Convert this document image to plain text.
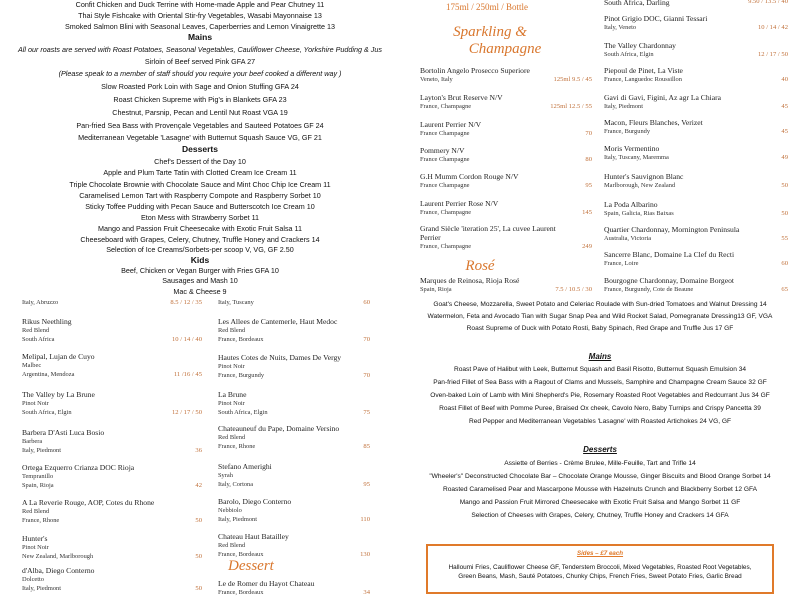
Confit Chicken and Duck Terrine with Home-made Apple and Pear Chutney 11
Thai Style Fishcake with Oriental Stir-fry Vegetables, Wasabi Mayonnaise 13
Smoked Salmon Blini with Seasonal Leaves, Caperberries and Lemon Vinaigrette 13
Mains
All our roasts are served with Roast Potatoes, Seasonal Vegetables, Cauliflower Cheese, Yorkshire Pudding & Jus
Sirloin of Beef served Pink GFA 27
(Please speak to a member of staff should you require your beef cooked a different way )
Slow Roasted Pork Loin with Sage and Onion Stuffing GFA 24
Roast Chicken Supreme with Pig's in Blankets GFA 23
Chestnut, Parsnip, Pecan and Lentil Nut Roast VGA 19
Pan-fried Sea Bass with Provençale Vegetables and Sauteed Potatoes GF 24
Mediterranean Vegetable 'Lasagne' with Butternut Squash Sauce VG, GF 21
Desserts
Chef's Dessert of the Day 10
Apple and Plum Tarte Tatin with Clotted Cream Ice Cream 11
Triple Chocolate Brownie with Chocolate Sauce and Mint Choc Chip Ice Cream 11
Caramelised Lemon Tart with Raspberry Compote and Raspberry Sorbet 10
Sticky Toffee Pudding with Pecan Sauce and Butterscotch Ice Cream 10
Eton Mess with Strawberry Sorbet 11
Mango and Passion Fruit Cheesecake with Exotic Fruit Salsa 11
Cheeseboard with Grapes, Celery, Chutney, Truffle Honey and Crackers 14
Selection of Ice Creams/Sorbets-per scoop V, VG, GF 2.50
Kids
Beef, Chicken or Vegan Burger with Fries GFA 10
Sausages and Mash 10
Mac & Cheese 9
175ml / 250ml / Bottle
Sparkling &
Champagne
Rosé
Bortolin Angelo Prosecco Superiore
Veneto, Italy	125ml 9.5 / 45
Layton's Brut Reserve N/V
France, Champagne	125ml 12.5 / 55
Laurent Perrier N/V
France Champagne	70
Pommery N/V
France Champagne	80
G.H Mumm Cordon Rouge N/V
France Champagne	95
Laurent Perrier Rose N/V
France, Champagne	145
Grand Siècle 'iteration 25', La cuvee Laurent
Perrier
France, Champagne	249
Marques de Reinosa, Rioja Rosé
Spain, Rioja	7.5 / 10.5 / 30
South Africa, Darling	9.50 / 13.5 / 40
Pinot Grigio DOC, Gianni Tessari
Italy, Veneto	10 / 14 / 42
The Valley Chardonnay
South Africa, Elgin	12 / 17 / 50
Piepoul de Pinet, La Viste
France, Languedoc Roussillon	40
Gavi di Gavi, Figini, Az agr La Chiara
Italy, Piedmont	45
Macon, Fleurs Blanches, Verizet
France, Burgundy	45
Moris Vermentino
Italy, Tuscany, Maremma	49
Hunter's Sauvignon Blanc
Marlborough, New Zealand	50
La Poda Albarino
Spain, Galicia, Rias Baixas	50
Quartier Chardonnay, Mornington Peninsula
Australia, Victoria	55
Sancerre Blanc, Domaine La Clef du Recti
France, Loire	60
Bourgogne Chardonnay, Domaine Borgeot
France, Burgundy, Cote de Beaune	65
Dessert
Italy, Abruzzo	8.5 / 12 / 35
Rikus Neethling
Red Blend
South Africa	10 / 14 / 40
Melipal, Lujan de Cuyo
Malbec
Argentina, Mendoza	11 /16 / 45
The Valley by La Brune
Pinot Noir
South Africa, Elgin	12 / 17 / 50
Barbera D'Asti Luca Bosio
Barbera
Italy, Piedmont	36
Ortega Ezquerro Crianza DOC Rioja
Tempranillo
Spain, Rioja	42
A La Reverie Rouge, AOP, Cotes du Rhone
Red Blend
France, Rhone	50
Hunter's
Pinot Noir
New Zealand, Marlborough	50
d'Alba, Diego Conterno
Dolcetto
Italy, Piedmont	50
Italy, Tuscany	60
Les Allees de Cantemerle, Haut Medoc
Red Blend
France, Bordeaux	70
Hautes Cotes de Nuits, Dames De Vergy
Pinot Noir
France, Burgundy	70
La Brune
Pinot Noir
South Africa, Elgin	75
Chateauneuf du Pape, Domaine Versino
Red Blend
France, Rhone	85
Stefano Amerighi
Syrah
Italy, Cortona	95
Barolo, Diego Conterno
Nebbiolo
Italy, Piedmont	110
Chateau Haut Batailley
Red Blend
France, Bordeaux	130
Le de Romer du Hayot Chateau
France, Bordeaux	34
Goat's Cheese, Mozzarella, Sweet Potato and Celeriac Roulade with Sun-dried Tomatoes and Walnut Dressing 14
Watermelon, Feta and Avocado Tian with Sugar Snap Pea and Wild Rocket Salad, Pomegranate Dressing13 GF, VGA
Roast Supreme of Duck with Potato Rosti, Baby Spinach, Red Grape and Truffle Jus 17 GF
Mains
Roast Pave of Halibut with Leek, Butternut Squash and Basil Risotto, Butternut Squash Emulsion 34
Pan-fried Fillet of Sea Bass with a Ragout of Clams and Mussels, Samphire and Champagne Cream Sauce 32 GF
Oven-baked Loin of Lamb with Mini Shepherd's Pie, Rosemary Roasted Root Vegetables and Redcurrant Jus 34 GF
Roast Fillet of Beef with Pomme Puree, Braised Ox cheek, Cavolo Nero, Baby Turnips and Crispy Pancetta 39
Red Pepper and Mediterranean Vegetables 'Lasagne' with Roasted Artichokes 24 VG, GF
Desserts
Assiette of Berries - Crème Brulee, Mille-Feuille, Tart and Trifle 14
"Wheeler's" Deconstructed Chocolate Bar – Chocolate Orange Mousse, Ginger Biscuits and Blood Orange Sorbet 14
Roasted Caramelised Pear and Mascarpone Mousse with Hazelnuts Crunch and Blackberry Sorbet 12 GFA
Mango and Passion Fruit Mirrored Cheesecake with Exotic Fruit Salsa and Mango Sorbet 11 GF
Selection of Cheeses with Grapes, Celery, Chutney, Truffle Honey and Crackers 14 GFA
Sides – £7 each
Halloumi Fries, Cauliflower Cheese GF, Tenderstem Broccoli, Mixed Vegetables, Roasted Root Vegetables,
Green Beans, Mash, Sauté Potatoes, Chunky Chips, French Fries, Sweet Potato Fries, Garlic Bread
